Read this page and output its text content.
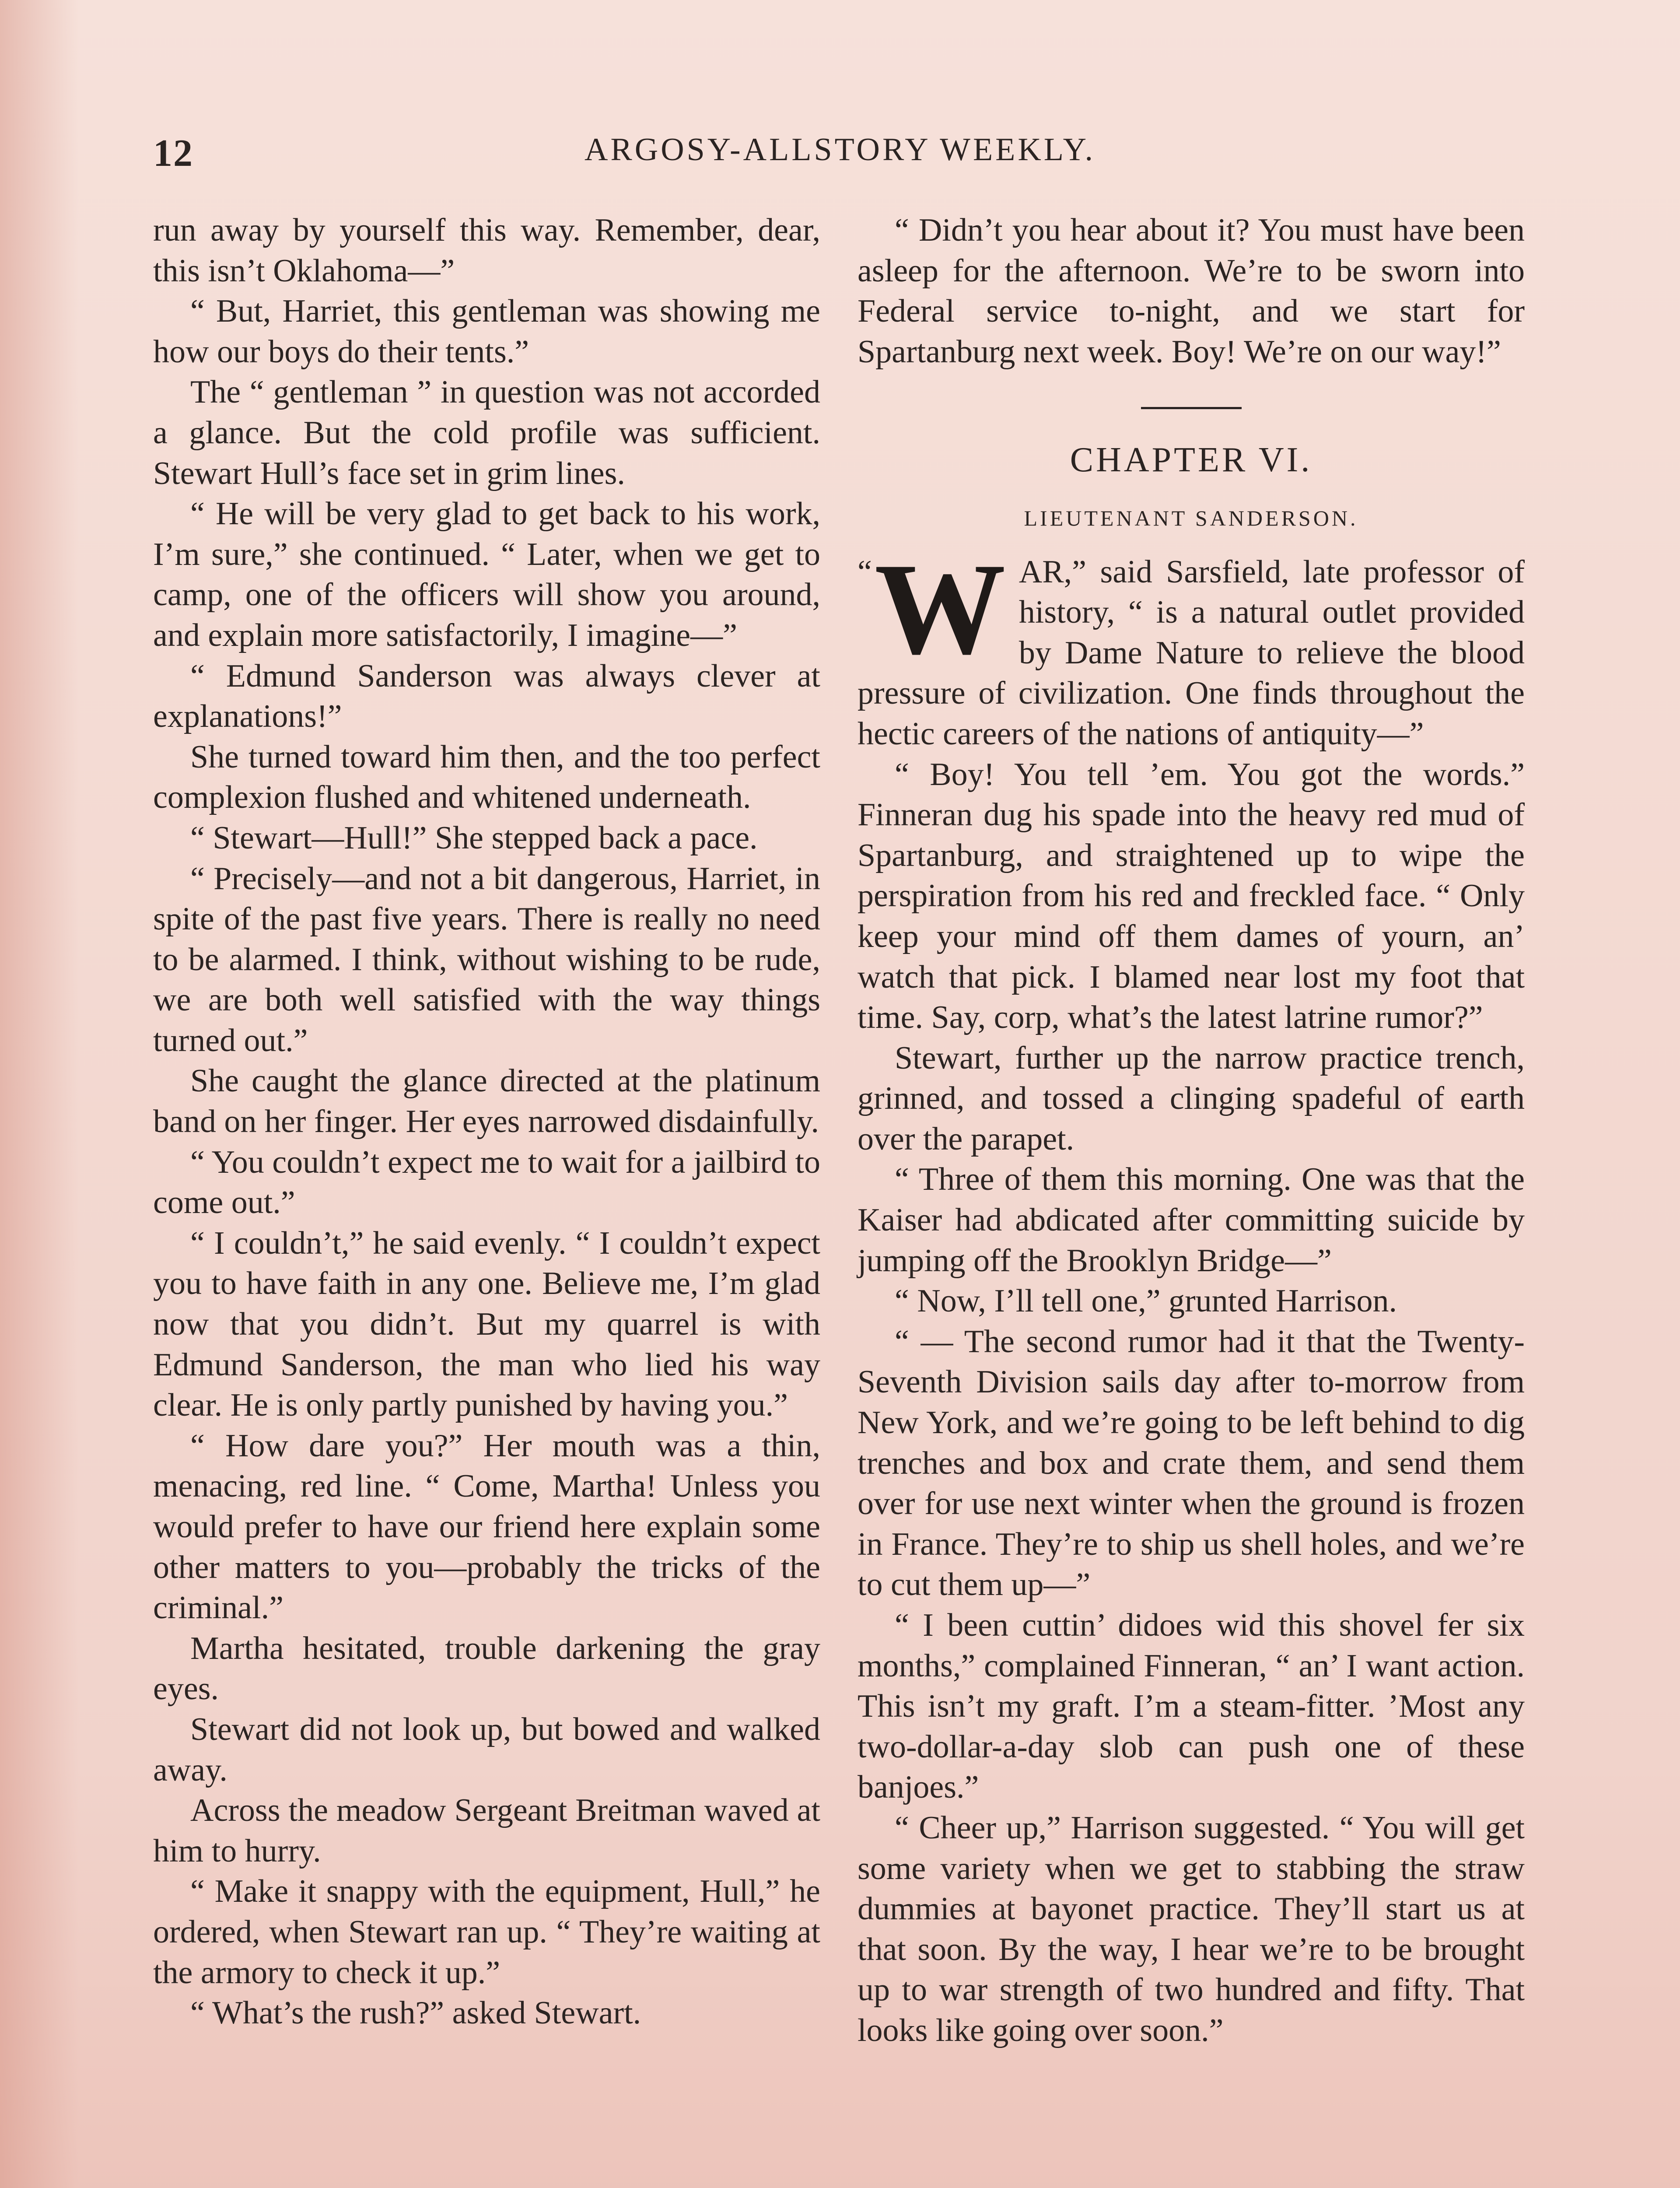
12	ARGOSY-ALLSTORY WEEKLY.

run away by yourself this way. Remember, dear, this isn’t Oklahoma—”

“ But, Harriet, this gentleman was showing me how our boys do their tents.”

The “ gentleman ” in question was not accorded a glance. But the cold profile was sufficient. Stewart Hull’s face set in grim lines.

“ He will be very glad to get back to his work, I’m sure,” she continued. “ Later, when we get to camp, one of the officers will show you around, and explain more satisfactorily, I imagine—”

“ Edmund Sanderson was always clever at explanations!”

She turned toward him then, and the too perfect complexion flushed and whitened underneath.

“ Stewart—Hull!” She stepped back a pace.

“ Precisely—and not a bit dangerous, Harriet, in spite of the past five years. There is really no need to be alarmed. I think, without wishing to be rude, we are both well satisfied with the way things turned out.”

She caught the glance directed at the platinum band on her finger. Her eyes narrowed disdainfully.

“ You couldn’t expect me to wait for a jailbird to come out.”

“ I couldn’t,” he said evenly. “ I couldn’t expect you to have faith in any one. Believe me, I’m glad now that you didn’t. But my quarrel is with Edmund Sanderson, the man who lied his way clear. He is only partly punished by having you.”

“ How dare you?” Her mouth was a thin, menacing, red line. “ Come, Martha! Unless you would prefer to have our friend here explain some other matters to you—probably the tricks of the criminal.”

Martha hesitated, trouble darkening the gray eyes.

Stewart did not look up, but bowed and walked away.

Across the meadow Sergeant Breitman waved at him to hurry.

“ Make it snappy with the equipment, Hull,” he ordered, when Stewart ran up. “ They’re waiting at the armory to check it up.”

“ What’s the rush?” asked Stewart.

“ Didn’t you hear about it? You must have been asleep for the afternoon. We’re to be sworn into Federal service to-night, and we start for Spartanburg next week. Boy! We’re on our way!”

CHAPTER VI.
LIEUTENANT SANDERSON.

“ W AR,” said Sarsfield, late professor of history, “ is a natural outlet provided by Dame Nature to relieve the blood pressure of civilization. One finds throughout the hectic careers of the nations of antiquity—”

“ Boy! You tell ’em. You got the words.” Finneran dug his spade into the heavy red mud of Spartanburg, and straightened up to wipe the perspiration from his red and freckled face. “ Only keep your mind off them dames of yourn, an’ watch that pick. I blamed near lost my foot that time. Say, corp, what’s the latest latrine rumor?”

Stewart, further up the narrow practice trench, grinned, and tossed a clinging spadeful of earth over the parapet.

“ Three of them this morning. One was that the Kaiser had abdicated after committing suicide by jumping off the Brooklyn Bridge—”

“ Now, I’ll tell one,” grunted Harrison.

“ — The second rumor had it that the Twenty-Seventh Division sails day after to-morrow from New York, and we’re going to be left behind to dig trenches and box and crate them, and send them over for use next winter when the ground is frozen in France. They’re to ship us shell holes, and we’re to cut them up—”

“ I been cuttin’ didoes wid this shovel fer six months,” complained Finneran, “ an’ I want action. This isn’t my graft. I’m a steam-fitter. ’Most any two-dollar-a-day slob can push one of these banjoes.”

“ Cheer up,” Harrison suggested. “ You will get some variety when we get to stabbing the straw dummies at bayonet practice. They’ll start us at that soon. By the way, I hear we’re to be brought up to war strength of two hundred and fifty. That looks like going over soon.”
